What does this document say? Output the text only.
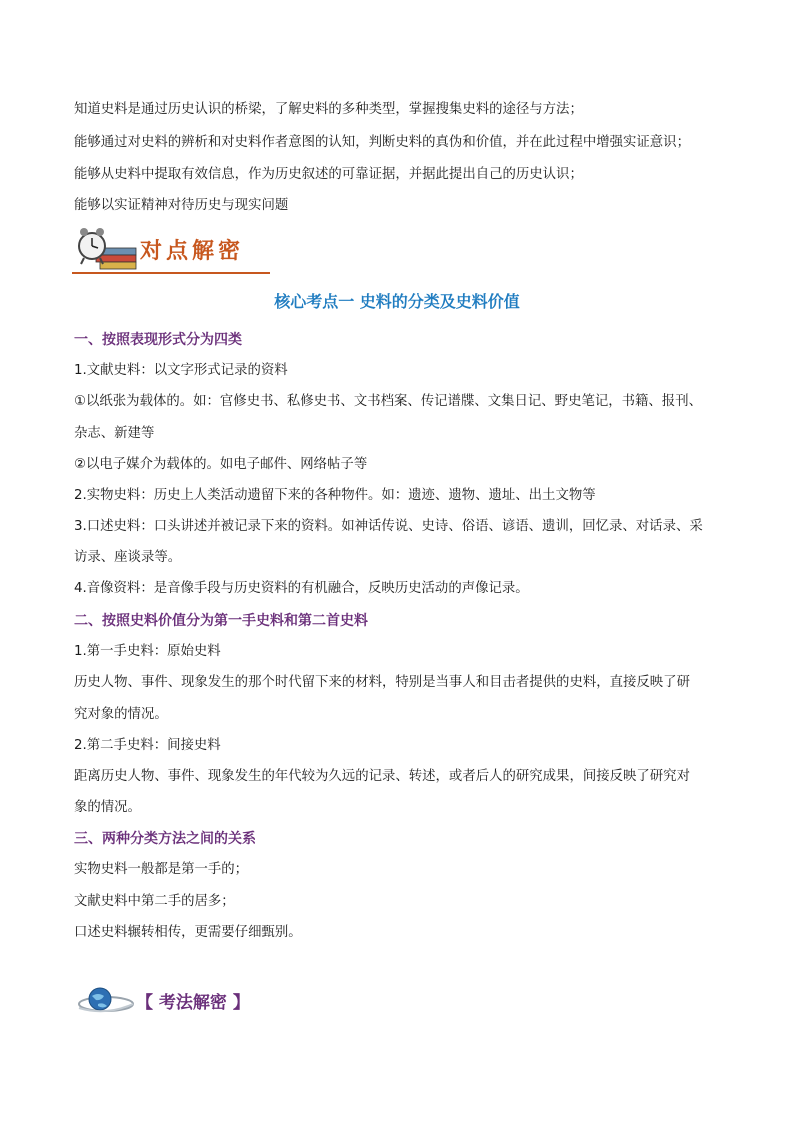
知道史料是通过历史认识的桥梁，了解史料的多种类型，掌握搜集史料的途径与方法；
能够通过对史料的辨析和对史料作者意图的认知，判断史料的真伪和价值，并在此过程中增强实证意识；
能够从史料中提取有效信息，作为历史叙述的可靠证据，并据此提出自己的历史认识；
能够以实证精神对待历史与现实问题
对点解密
核心考点一 史料的分类及史料价值
一、按照表现形式分为四类
1.文献史料：以文字形式记录的资料
①以纸张为载体的。如：官修史书、私修史书、文书档案、传记谱牒、文集日记、野史笔记，书籍、报刊、
杂志、新建等
②以电子媒介为载体的。如电子邮件、网络帖子等
2.实物史料：历史上人类活动遗留下来的各种物件。如：遗迹、遗物、遗址、出土文物等
3.口述史料：口头讲述并被记录下来的资料。如神话传说、史诗、俗语、谚语、遗训，回忆录、对话录、采
访录、座谈录等。
4.音像资料：是音像手段与历史资料的有机融合，反映历史活动的声像记录。
二、按照史料价值分为第一手史料和第二首史料
1.第一手史料：原始史料
历史人物、事件、现象发生的那个时代留下来的材料，特别是当事人和目击者提供的史料，直接反映了研
究对象的情况。
2.第二手史料：间接史料
距离历史人物、事件、现象发生的年代较为久远的记录、转述，或者后人的研究成果，间接反映了研究对
象的情况。
三、两种分类方法之间的关系
实物史料一般都是第一手的；
文献史料中第二手的居多；
口述史料辗转相传，更需要仔细甄别。
【 考法解密 】
